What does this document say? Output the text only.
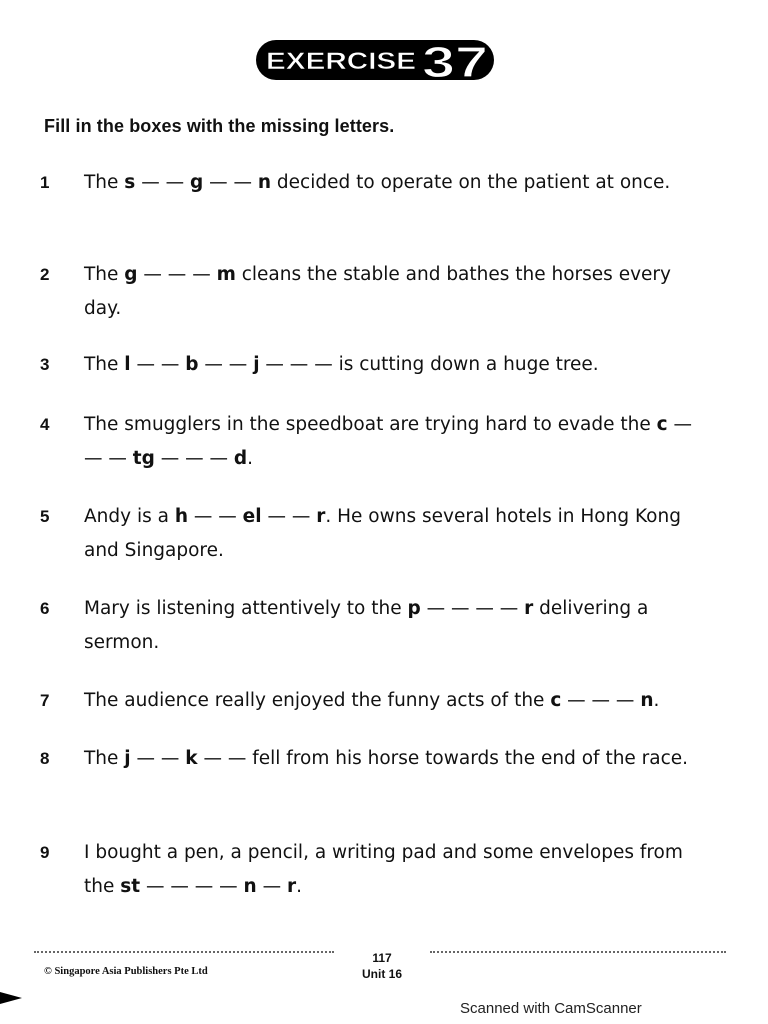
EXERCISE 37
Fill in the boxes with the missing letters.
1	The s — — g — — n decided to operate on the patient at once.
2	The g — — — m cleans the stable and bathes the horses every day.
3	The l — — b — — j — — — is cutting down a huge tree.
4	The smugglers in the speedboat are trying hard to evade the c — — — tg — — — d.
5	Andy is a h — — el — — r. He owns several hotels in Hong Kong and Singapore.
6	Mary is listening attentively to the p — — — — r delivering a sermon.
7	The audience really enjoyed the funny acts of the c — — — n.
8	The j — — k — — fell from his horse towards the end of the race.
9	I bought a pen, a pencil, a writing pad and some envelopes from the st — — — — n — r.
© Singapore Asia Publishers Pte Ltd
117
Unit 16
Scanned with CamScanner
